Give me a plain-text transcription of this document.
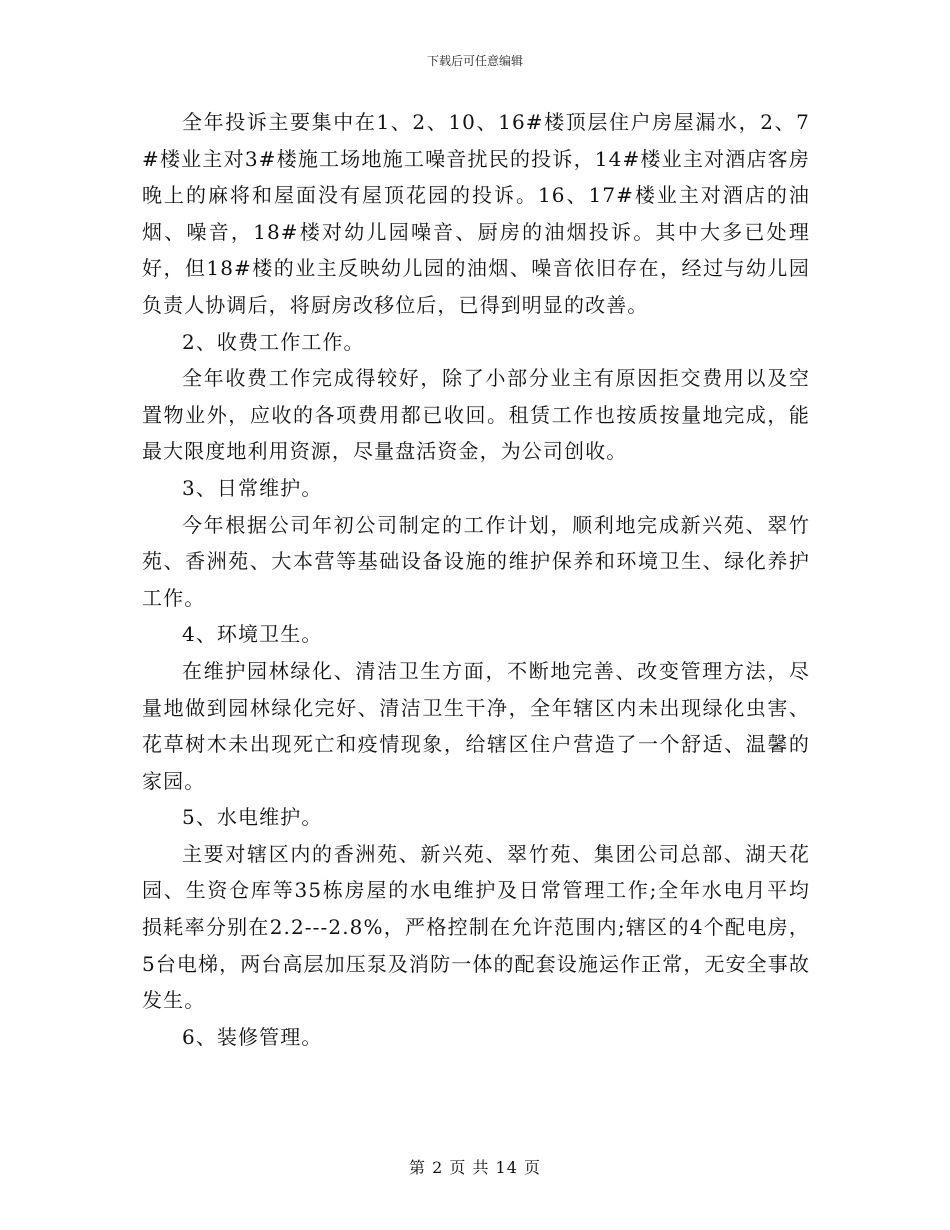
下载后可任意编辑

全年投诉主要集中在1、2、10、16#楼顶层住户房屋漏水，2、7#楼业主对3#楼施工场地施工噪音扰民的投诉，14#楼业主对酒店客房晚上的麻将和屋面没有屋顶花园的投诉。16、17#楼业主对酒店的油烟、噪音，18#楼对幼儿园噪音、厨房的油烟投诉。其中大多已处理好，但18#楼的业主反映幼儿园的油烟、噪音依旧存在，经过与幼儿园负责人协调后，将厨房改移位后，已得到明显的改善。

2、收费工作工作。

全年收费工作完成得较好，除了小部分业主有原因拒交费用以及空置物业外，应收的各项费用都已收回。租赁工作也按质按量地完成，能最大限度地利用资源，尽量盘活资金，为公司创收。

3、日常维护。

今年根据公司年初公司制定的工作计划，顺利地完成新兴苑、翠竹苑、香洲苑、大本营等基础设备设施的维护保养和环境卫生、绿化养护工作。

4、环境卫生。

在维护园林绿化、清洁卫生方面，不断地完善、改变管理方法，尽量地做到园林绿化完好、清洁卫生干净，全年辖区内未出现绿化虫害、花草树木未出现死亡和疫情现象，给辖区住户营造了一个舒适、温馨的家园。

5、水电维护。

主要对辖区内的香洲苑、新兴苑、翠竹苑、集团公司总部、湖天花园、生资仓库等35栋房屋的水电维护及日常管理工作;全年水电月平均损耗率分别在2.2---2.8%，严格控制在允许范围内;辖区的4个配电房，5台电梯，两台高层加压泵及消防一体的配套设施运作正常，无安全事故发生。

6、装修管理。

第 2 页 共 14 页
